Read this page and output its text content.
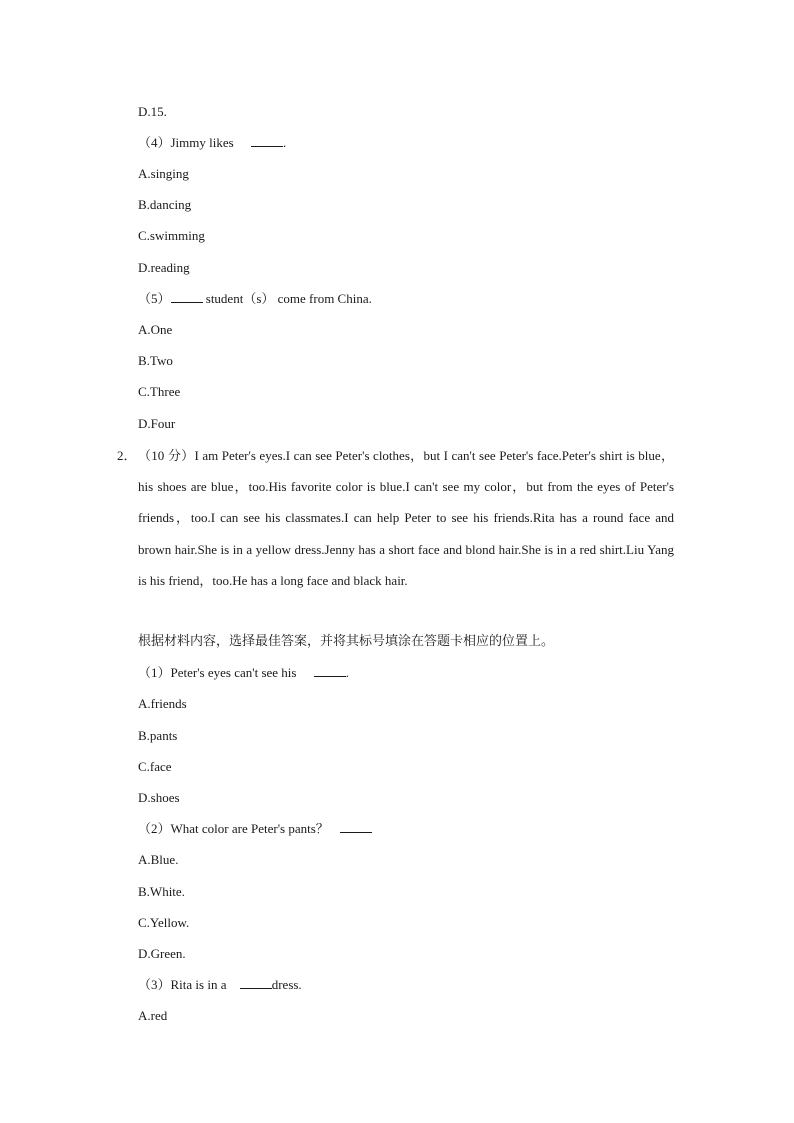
D.15.
（4）Jimmy likes	.
A.singing
B.dancing
C.swimming
D.reading
（5） student（s） come from China.
A.One
B.Two
C.Three
D.Four
2． （10 分）I am Peter's eyes.I can see Peter's clothes，but I can't see Peter's face.Peter's shirt is blue，his shoes are blue，too.His favorite color is blue.I can't see my color，but from the eyes of Peter's friends，too.I can see his classmates.I can help Peter to see his friends.Rita has a round face and brown hair.She is in a yellow dress.Jenny has a short face and blond hair.She is in a red shirt.Liu Yang is his friend，too.He has a long face and black hair.
根据材料内容，选择最佳答案，并将其标号填涂在答题卡相应的位置上。
（1）Peter's eyes can't see his	.
A.friends
B.pants
C.face
D.shoes
（2）What color are Peter's pants？
A.Blue.
B.White.
C.Yellow.
D.Green.
（3）Rita is in a	dress.
A.red
